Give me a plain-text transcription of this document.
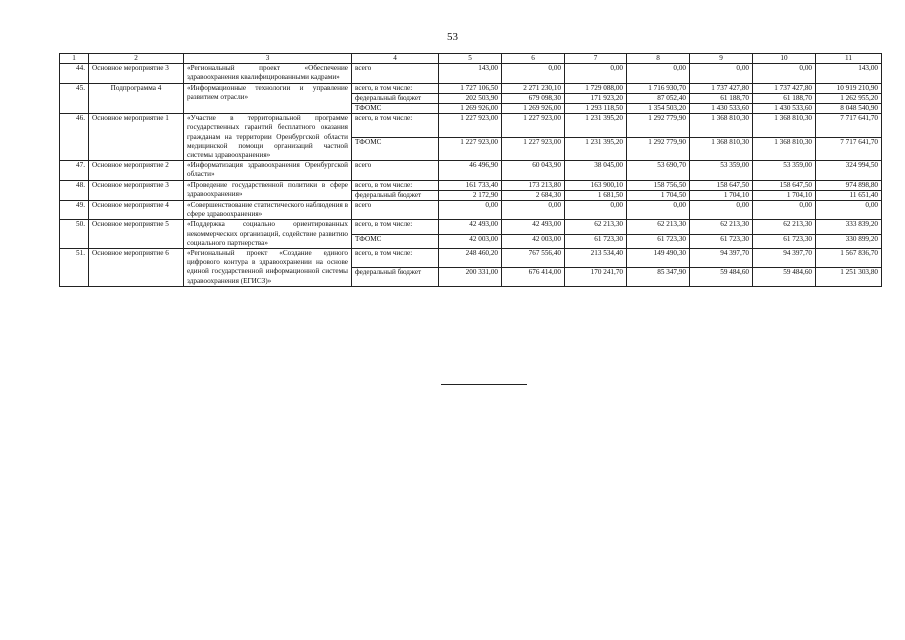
53
1	2	3	4	5	6	7	8	9	10	11
44.	Основное мероприятие 3	«Региональный проект «Обеспечение здравоохранения квалифицированными кадрами»	всего	143,00	0,00	0,00	0,00	0,00	0,00	143,00
45.	Подпрограмма 4	«Информационные технологии и управление развитием отрасли»	всего, в том числе:	1 727 106,50	2 271 230,10	1 729 088,00	1 716 930,70	1 737 427,80	1 737 427,80	10 919 210,90
			федеральный бюджет	202 503,90	679 098,30	171 923,20	87 052,40	61 188,70	61 188,70	1 262 955,20
			ТФОМС	1 269 926,00	1 269 926,00	1 293 118,50	1 354 503,20	1 430 533,60	1 430 533,60	8 048 540,90
46.	Основное мероприятие 1	«Участие в территориальной программе государственных гарантий бесплатного оказания гражданам на территории Оренбургской области медицинской помощи организаций частной системы здравоохранения»	всего, в том числе:	1 227 923,00	1 227 923,00	1 231 395,20	1 292 779,90	1 368 810,30	1 368 810,30	7 717 641,70
			ТФОМС	1 227 923,00	1 227 923,00	1 231 395,20	1 292 779,90	1 368 810,30	1 368 810,30	7 717 641,70
47.	Основное мероприятие 2	«Информатизация здравоохранения Оренбургской области»	всего	46 496,90	60 043,90	38 045,00	53 690,70	53 359,00	53 359,00	324 994,50
48.	Основное мероприятие 3	«Проведение государственной политики в сфере здравоохранения»	всего, в том числе:	161 733,40	173 213,80	163 900,10	158 756,50	158 647,50	158 647,50	974 898,80
			федеральный бюджет	2 172,90	2 684,30	1 681,50	1 704,50	1 704,10	1 704,10	11 651,40
49.	Основное мероприятие 4	«Совершенствование статистического наблюдения в сфере здравоохранения»	всего	0,00	0,00	0,00	0,00	0,00	0,00	0,00
50.	Основное мероприятие 5	«Поддержка социально ориентированных некоммерческих организаций, содействие развитию социального партнерства»	всего, в том числе:	42 493,00	42 493,00	62 213,30	62 213,30	62 213,30	62 213,30	333 839,20
			ТФОМС	42 003,00	42 003,00	61 723,30	61 723,30	61 723,30	61 723,30	330 899,20
51.	Основное мероприятие 6	«Региональный проект «Создание единого цифрового контура в здравоохранении на основе единой государственной информационной системы здравоохранения (ЕГИСЗ)»	всего, в том числе:	248 460,20	767 556,40	213 534,40	149 490,30	94 397,70	94 397,70	1 567 836,70
			федеральный бюджет	200 331,00	676 414,00	170 241,70	85 347,90	59 484,60	59 484,60	1 251 303,80
